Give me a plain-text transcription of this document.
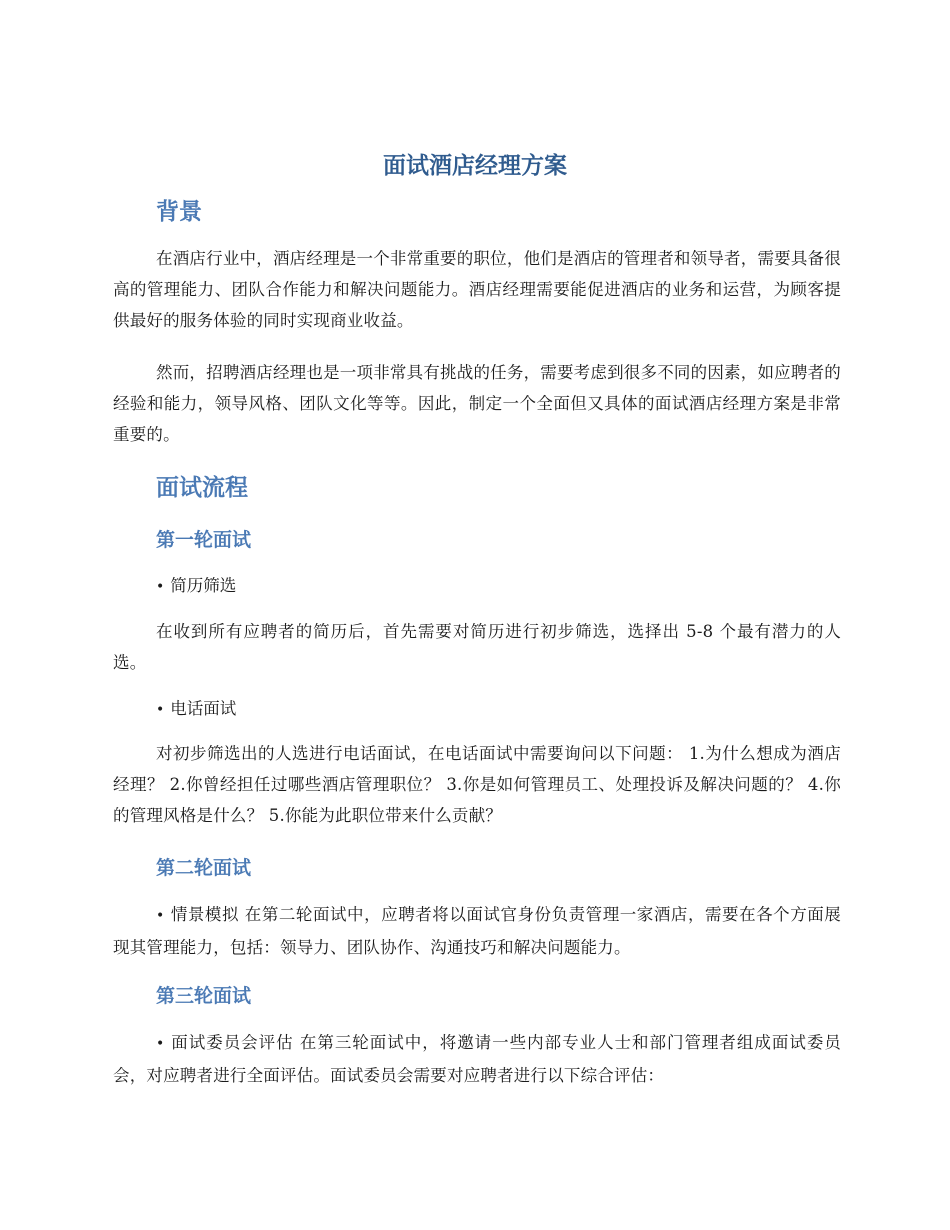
面试酒店经理方案
背景

在酒店行业中，酒店经理是一个非常重要的职位，他们是酒店的管理者和领导者，需要具备很高的管理能力、团队合作能力和解决问题能力。酒店经理需要能促进酒店的业务和运营，为顾客提供最好的服务体验的同时实现商业收益。

然而，招聘酒店经理也是一项非常具有挑战的任务，需要考虑到很多不同的因素，如应聘者的经验和能力，领导风格、团队文化等等。因此，制定一个全面但又具体的面试酒店经理方案是非常重要的。

面试流程
第一轮面试

• 简历筛选

在收到所有应聘者的简历后，首先需要对简历进行初步筛选，选择出 5-8 个最有潜力的人选。

• 电话面试

对初步筛选出的人选进行电话面试，在电话面试中需要询问以下问题： 1.为什么想成为酒店经理？ 2.你曾经担任过哪些酒店管理职位？ 3.你是如何管理员工、处理投诉及解决问题的？ 4.你的管理风格是什么？ 5.你能为此职位带来什么贡献？

第二轮面试

• 情景模拟 在第二轮面试中，应聘者将以面试官身份负责管理一家酒店，需要在各个方面展现其管理能力，包括：领导力、团队协作、沟通技巧和解决问题能力。

第三轮面试

• 面试委员会评估 在第三轮面试中，将邀请一些内部专业人士和部门管理者组成面试委员会，对应聘者进行全面评估。面试委员会需要对应聘者进行以下综合评估：
